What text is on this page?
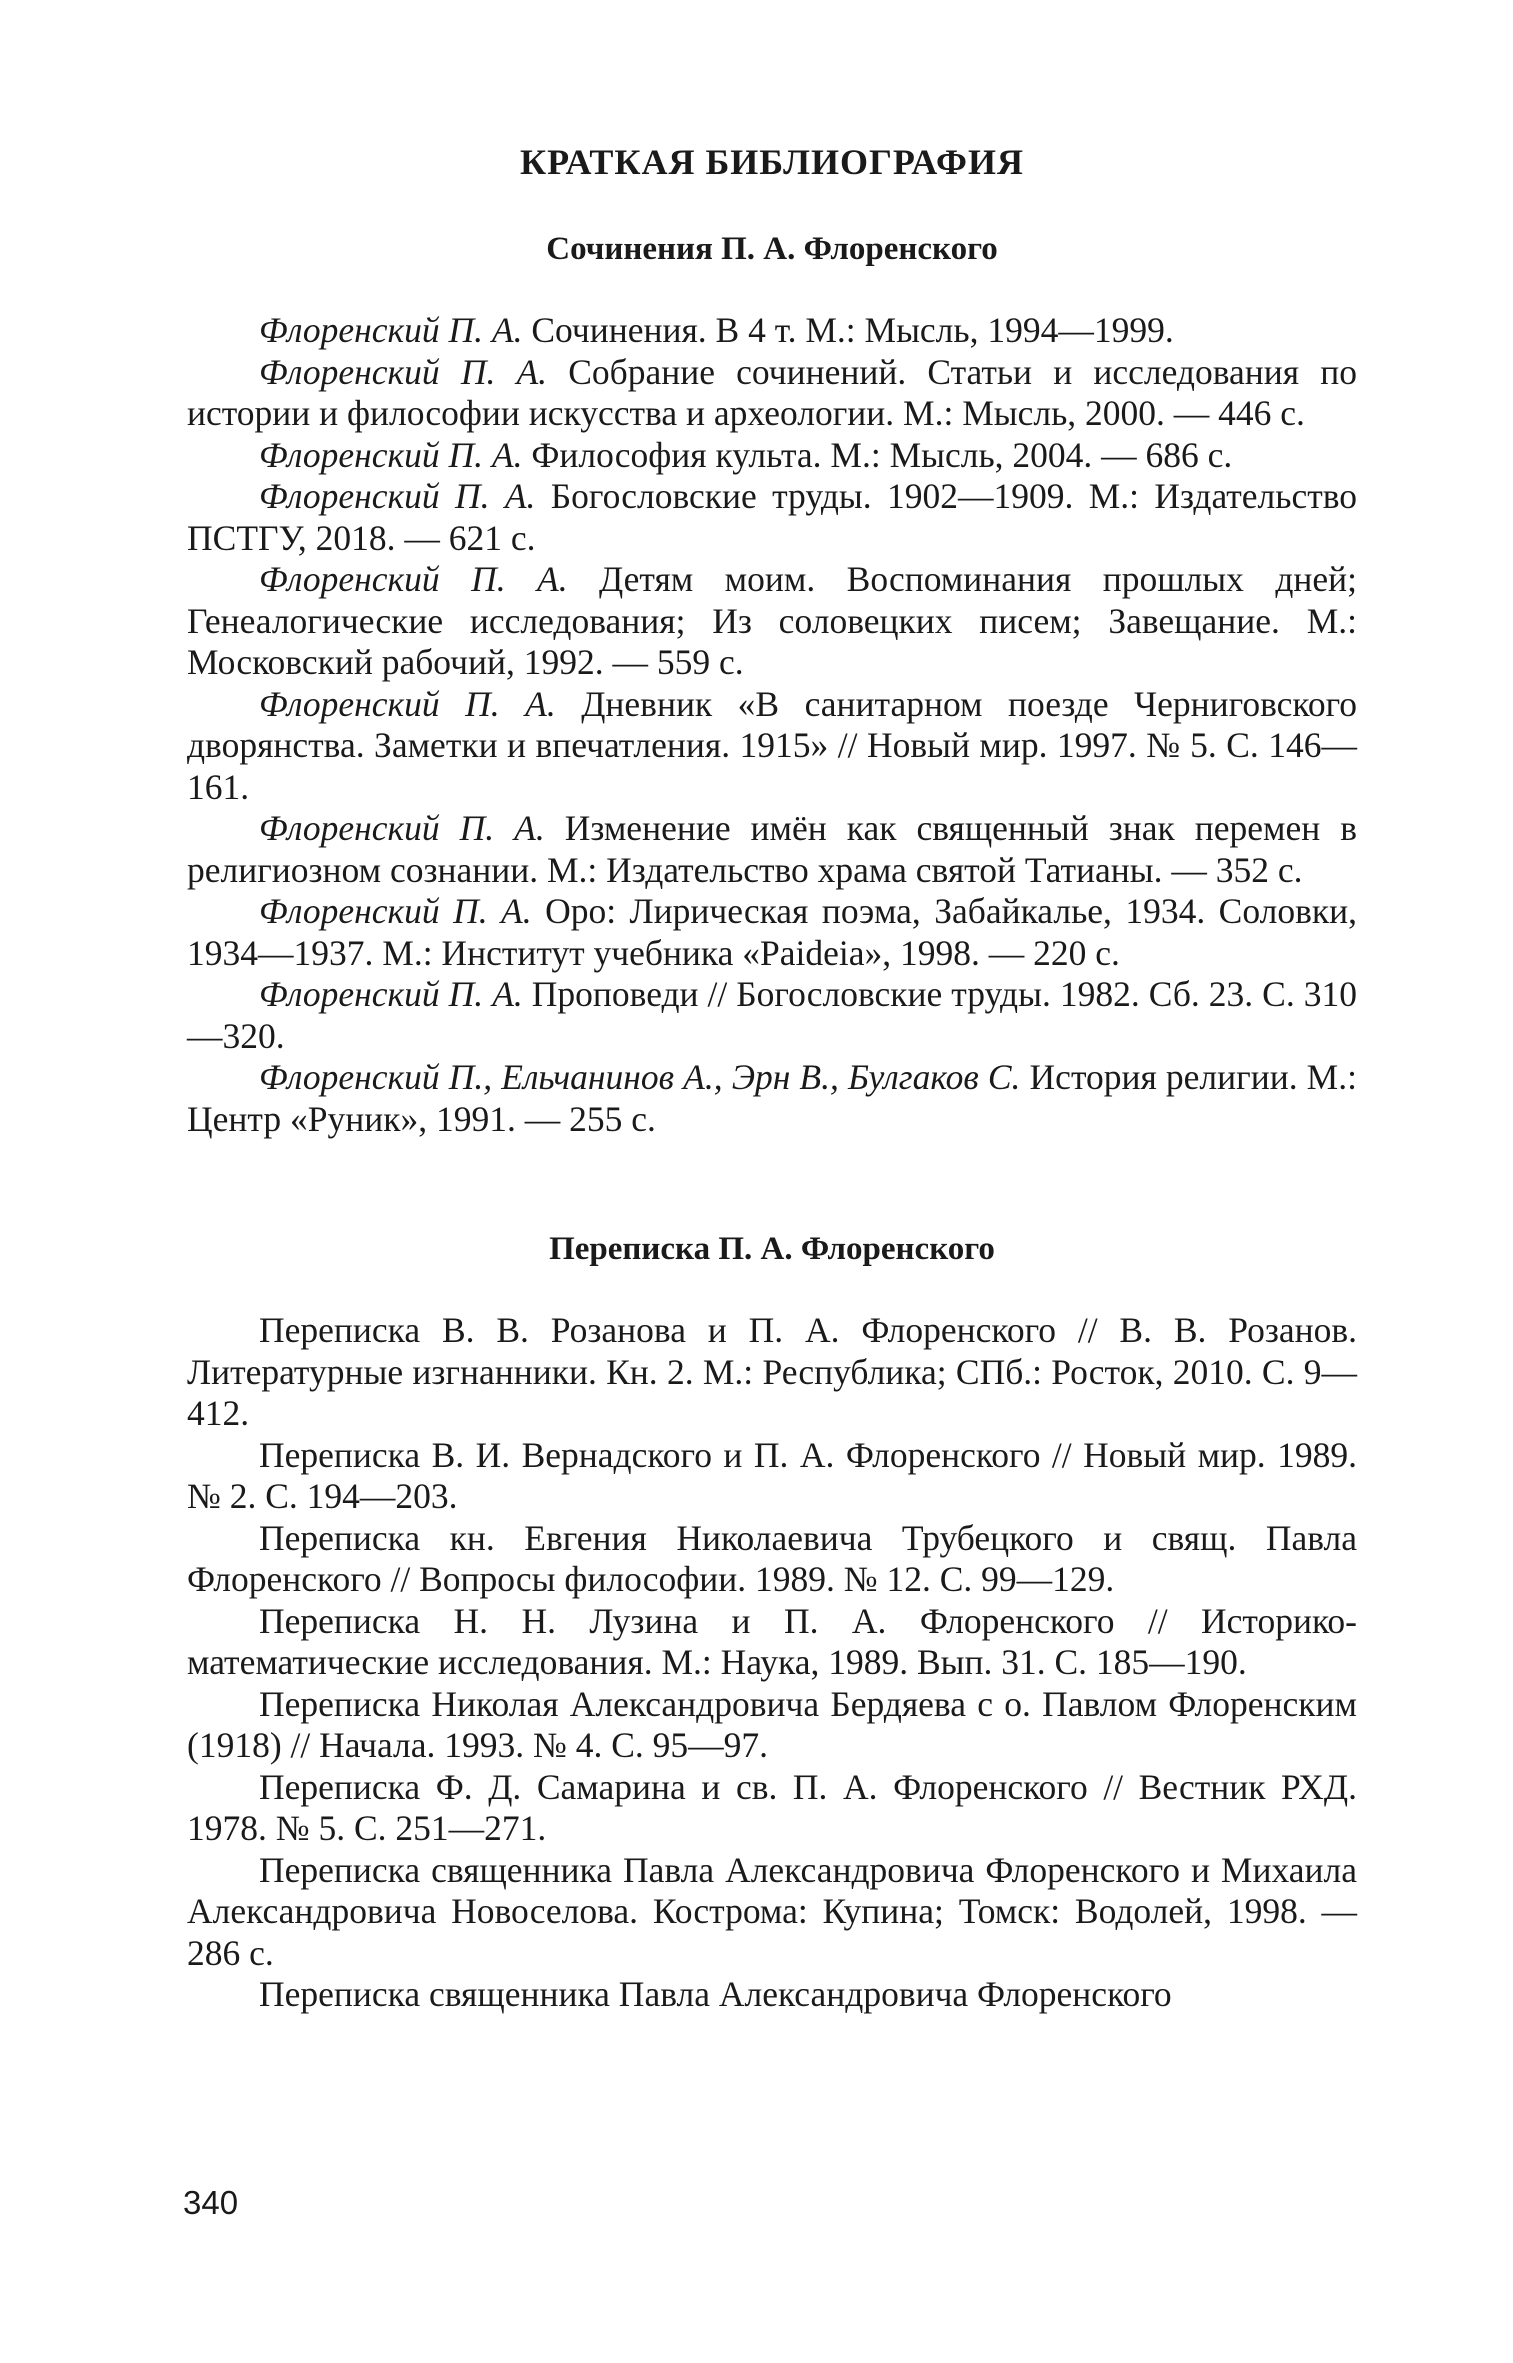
КРАТКАЯ БИБЛИОГРАФИЯ
Сочинения П. А. Флоренского

Флоренский П. А. Сочинения. В 4 т. М.: Мысль, 1994—1999.

Флоренский П. А. Собрание сочинений. Статьи и исследования по истории и философии искусства и археологии. М.: Мысль, 2000. — 446 с.

Флоренский П. А. Философия культа. М.: Мысль, 2004. — 686 с.

Флоренский П. А. Богословские труды. 1902—1909. М.: Издательство ПСТГУ, 2018. — 621 с.

Флоренский П. А. Детям моим. Воспоминания прошлых дней; Генеалогические исследования; Из соловецких писем; Завещание. М.: Московский рабочий, 1992. — 559 с.

Флоренский П. А. Дневник «В санитарном поезде Черниговского дворянства. Заметки и впечатления. 1915» // Новый мир. 1997. № 5. С. 146—161.

Флоренский П. А. Изменение имён как священный знак перемен в религиозном сознании. М.: Издательство храма святой Татианы. — 352 с.

Флоренский П. А. Оро: Лирическая поэма, Забайкалье, 1934. Соловки, 1934—1937. М.: Институт учебника «Paideia», 1998. — 220 с.

Флоренский П. А. Проповеди // Богословские труды. 1982. Сб. 23. С. 310—320.

Флоренский П., Ельчанинов А., Эрн В., Булгаков С. История религии. М.: Центр «Руник», 1991. — 255 с.

Переписка П. А. Флоренского

Переписка В. В. Розанова и П. А. Флоренского // В. В. Розанов. Литературные изгнанники. Кн. 2. М.: Республика; СПб.: Росток, 2010. С. 9—412.

Переписка В. И. Вернадского и П. А. Флоренского // Новый мир. 1989. № 2. С. 194—203.

Переписка кн. Евгения Николаевича Трубецкого и свящ. Павла Флоренского // Вопросы философии. 1989. № 12. С. 99—129.

Переписка Н. Н. Лузина и П. А. Флоренского // Историко-математические исследования. М.: Наука, 1989. Вып. 31. С. 185—190.

Переписка Николая Александровича Бердяева с о. Павлом Флоренским (1918) // Начала. 1993. № 4. С. 95—97.

Переписка Ф. Д. Самарина и св. П. А. Флоренского // Вестник РХД. 1978. № 5. С. 251—271.

Переписка священника Павла Александровича Флоренского и Михаила Александровича Новоселова. Кострома: Купина; Томск: Водолей, 1998. — 286 с.

Переписка священника Павла Александровича Флоренского

340
